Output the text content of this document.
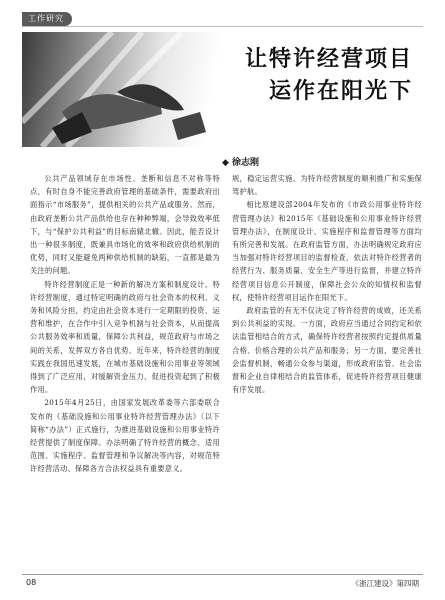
工作研究
让特许经营项目
运作在阳光下
◆ 徐志刚

公共产品领域存在市场性、垄断和信息不对称等特点，有时自身不能完善政府管理的基础条件，需要政府出面指示“市场服务”，提供相关的公共产品或服务。然而，由政府垄断公共产品供给也存在种种弊端，会导致效率低下，与“保护公共利益”的目标南辕北辙。因此，能否设计出一种很多制度，既兼具市场化的效率和政府供给机制的优势，同时又能避免两种供给机制的缺陷，一直都是最为关注的问题。

特许经营制度正是一种新的解决方案和制度设计。特许经营制度，通过特定明确的政府与社会资本的权利、义务和风险分担，约定由社会资本进行一定期限的投资、运营和维护，在合作中引入竞争机制与社会资本，从而提高公共服务效率和质量，保障公共利益，规范政府与市场之间的关系，发挥双方各自优势。近年来，特许经营的制度实践在我国迅速发展，在城市基础设施和公用事业等领域得到了广泛应用，对缓解资金压力、促进投资起到了积极作用。

2015年4月25日，由国家发展改革委等六部委联合发布的《基础设施和公用事业特许经营管理办法》（以下简称“办法”）正式施行，为推进基础设施和公用事业特许经营提供了制度保障。办法明确了特许经营的概念、适用范围、实施程序、监督管理和争议解决等内容，对规范特许经营活动、保障各方合法权益具有重要意义。

规，稳定运营实施。为特许经营制度的顺利推广和实施保驾护航。

相比原建设部2004年发布的《市政公用事业特许经营管理办法》和2015年《基础设施和公用事业特许经营管理办法》，在制度设计、实施程序和监督管理等方面均有所完善和发展。在政府监管方面，办法明确规定政府应当加强对特许经营项目的监督检查，依法对特许经营者的经营行为、服务质量、安全生产等进行监督，并建立特许经营项目信息公开制度，保障社会公众的知情权和监督权，使特许经营项目运作在阳光下。

政府监管的有无不仅决定了特许经营的成败，还关系到公共利益的实现。一方面，政府应当通过合同约定和依法监管相结合的方式，确保特许经营者按照约定提供质量合格、价格合理的公共产品和服务；另一方面，要完善社会监督机制，畅通公众参与渠道，形成政府监管、社会监督和企业自律相结合的监管体系，促进特许经营项目健康有序发展。

08	《浙江建设》第四期
